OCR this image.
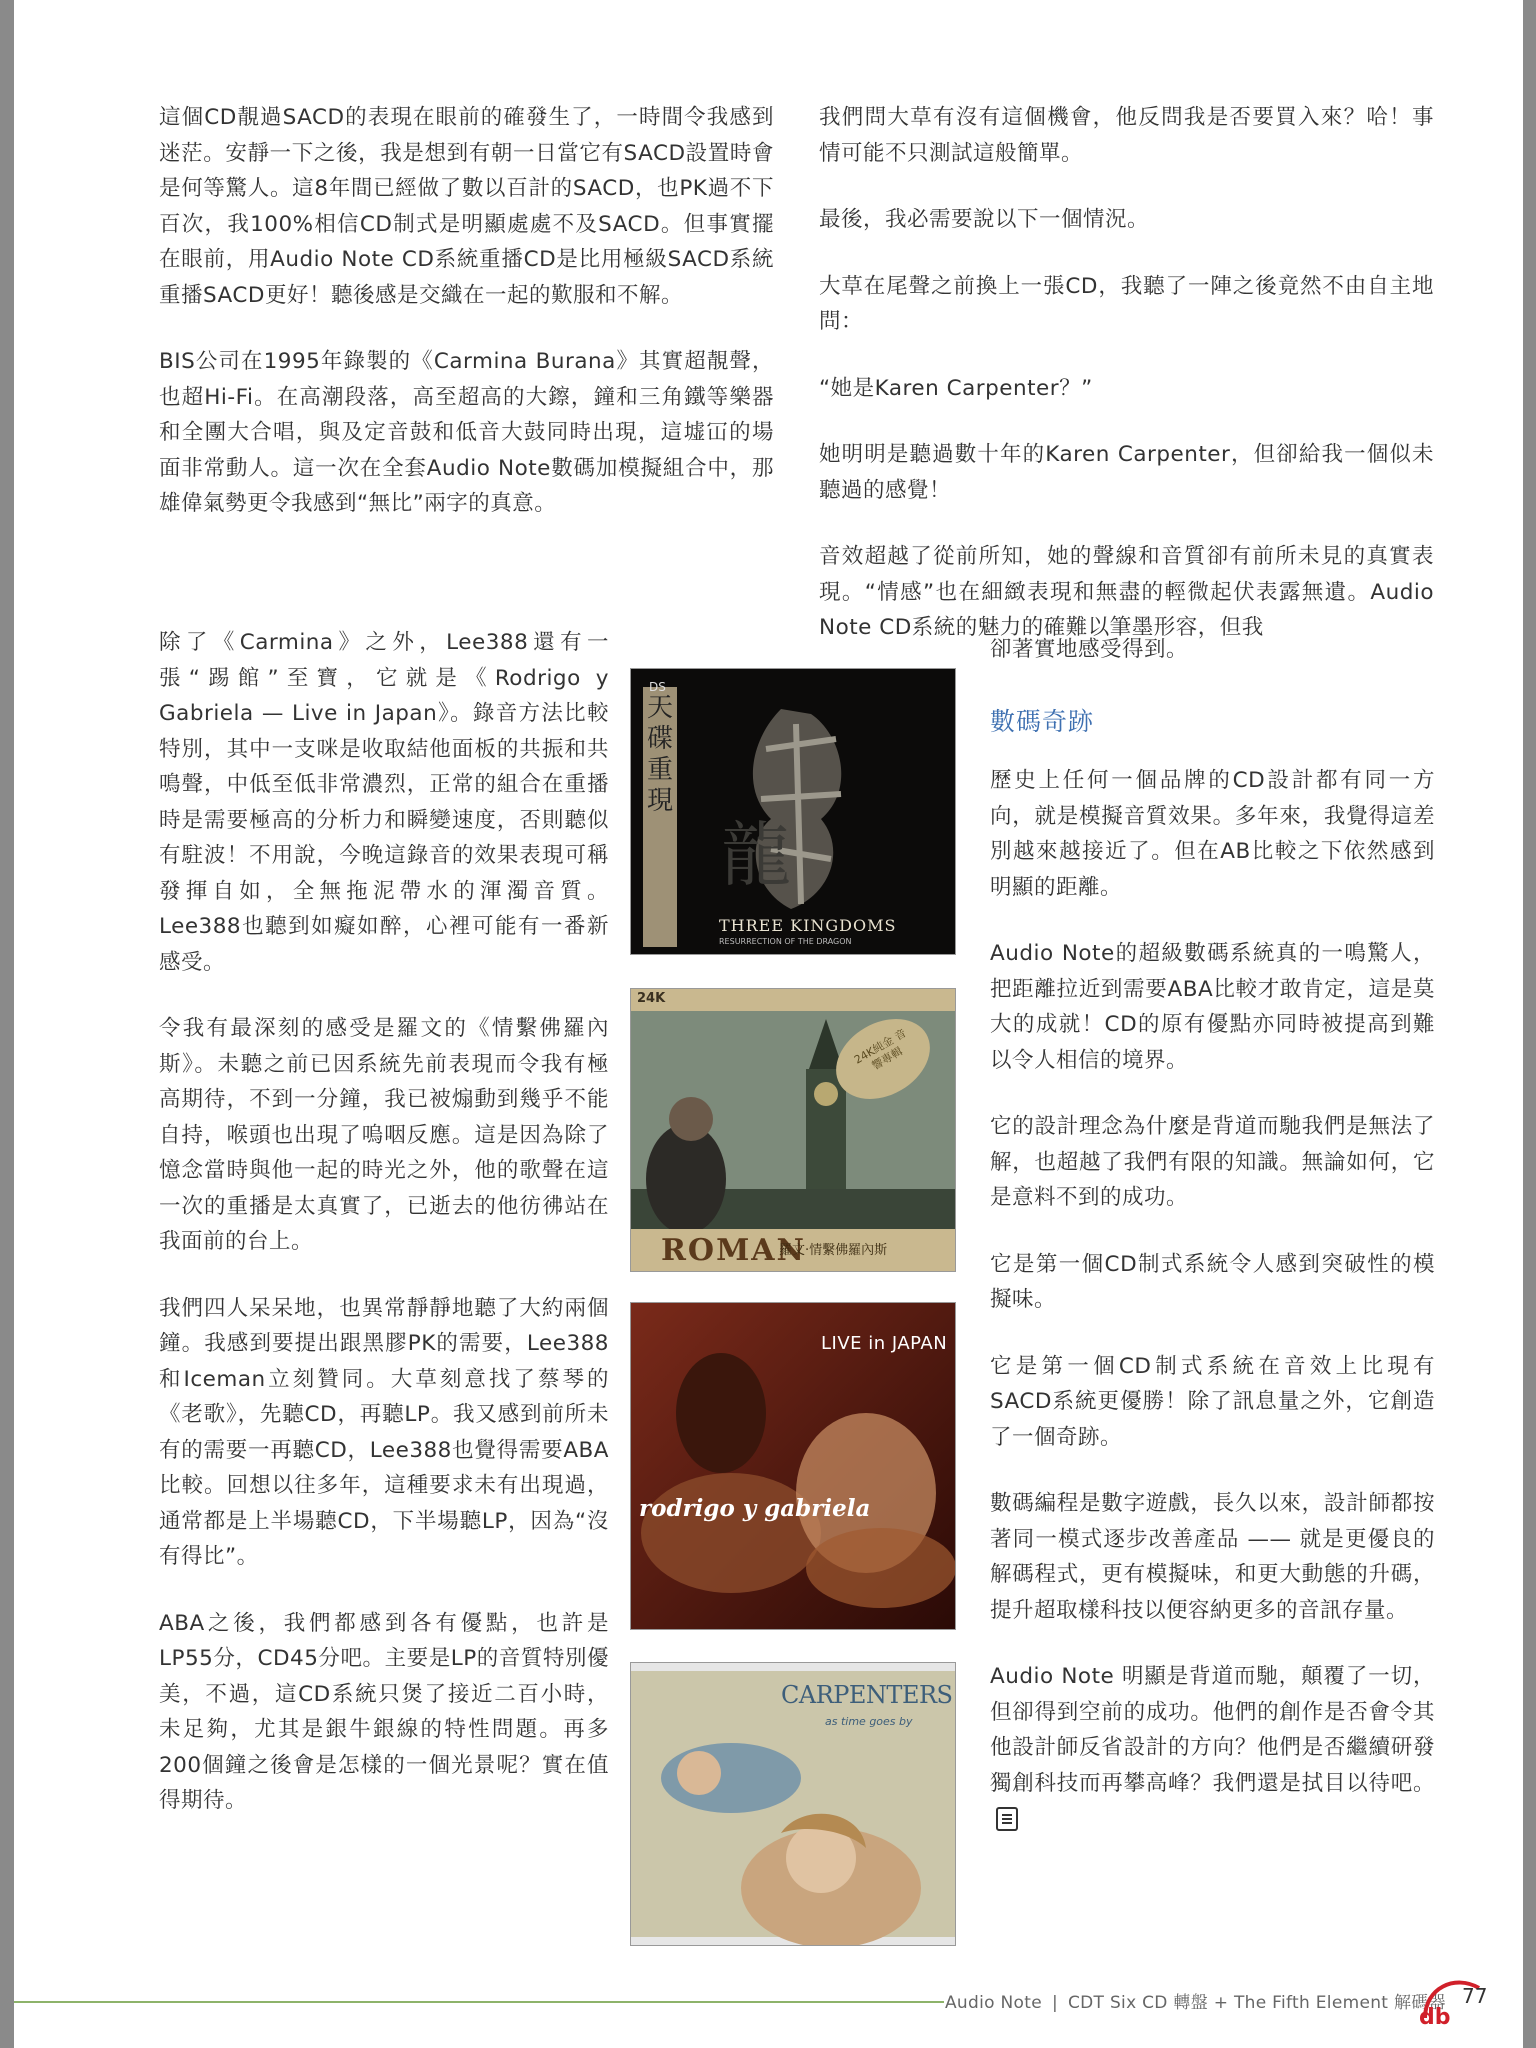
這個CD靚過SACD的表現在眼前的確發生了，一時間令我感到迷茫。安靜一下之後，我是想到有朝一日當它有SACD設置時會是何等驚人。這8年間已經做了數以百計的SACD，也PK過不下百次，我100%相信CD制式是明顯處處不及SACD。但事實擺在眼前，用Audio Note CD系統重播CD是比用極級SACD系統重播SACD更好！聽後感是交織在一起的歎服和不解。

BIS公司在1995年錄製的《Carmina Burana》其實超靚聲，也超Hi-Fi。在高潮段落，高至超高的大鑔，鐘和三角鐵等樂器和全團大合唱，與及定音鼓和低音大鼓同時出現，這墟冚的場面非常動人。這一次在全套Audio Note數碼加模擬組合中，那雄偉氣勢更令我感到“無比”兩字的真意。

除了《Carmina》之外，Lee388還有一張“踢館”至寶，它就是《Rodrigo y Gabriela — Live in Japan》。錄音方法比較特別，其中一支咪是收取結他面板的共振和共鳴聲，中低至低非常濃烈，正常的組合在重播時是需要極高的分析力和瞬變速度，否則聽似有駐波！不用說，今晚這錄音的效果表現可稱發揮自如，全無拖泥帶水的渾濁音質。Lee388也聽到如癡如醉，心裡可能有一番新感受。

令我有最深刻的感受是羅文的《情繫佛羅內斯》。未聽之前已因系統先前表現而令我有極高期待，不到一分鐘，我已被煽動到幾乎不能自持，喉頭也出現了嗚咽反應。這是因為除了憶念當時與他一起的時光之外，他的歌聲在這一次的重播是太真實了，已逝去的他彷彿站在我面前的台上。

我們四人呆呆地，也異常靜靜地聽了大約兩個鐘。我感到要提出跟黑膠PK的需要，Lee388和Iceman立刻贊同。大草刻意找了蔡琴的《老歌》，先聽CD，再聽LP。我又感到前所未有的需要一再聽CD，Lee388也覺得需要ABA比較。回想以往多年，這種要求未有出現過，通常都是上半場聽CD，下半場聽LP，因為“沒有得比”。

ABA之後，我們都感到各有優點，也許是LP55分，CD45分吧。主要是LP的音質特別優美，不過，這CD系統只煲了接近二百小時，未足夠，尤其是銀牛銀線的特性問題。再多200個鐘之後會是怎樣的一個光景呢？實在值得期待。

我們問大草有沒有這個機會，他反問我是否要買入來？哈！事情可能不只測試這般簡單。

最後，我必需要說以下一個情況。

大草在尾聲之前換上一張CD，我聽了一陣之後竟然不由自主地問：

“她是Karen Carpenter？”

她明明是聽過數十年的Karen Carpenter，但卻給我一個似未聽過的感覺！

音效超越了從前所知，她的聲線和音質卻有前所未見的真實表現。“情感”也在細緻表現和無盡的輕微起伏表露無遺。Audio Note CD系統的魅力的確難以筆墨形容，但我

卻著實地感受得到。

數碼奇跡

歷史上任何一個品牌的CD設計都有同一方向，就是模擬音質效果。多年來，我覺得這差別越來越接近了。但在AB比較之下依然感到明顯的距離。

Audio Note的超級數碼系統真的一鳴驚人，把距離拉近到需要ABA比較才敢肯定，這是莫大的成就！CD的原有優點亦同時被提高到難以令人相信的境界。

它的設計理念為什麼是背道而馳我們是無法了解，也超越了我們有限的知識。無論如何，它是意料不到的成功。

它是第一個CD制式系統令人感到突破性的模擬味。

它是第一個CD制式系統在音效上比現有SACD系統更優勝！除了訊息量之外，它創造了一個奇跡。

數碼編程是數字遊戲，長久以來，設計師都按著同一模式逐步改善產品 —— 就是更優良的解碼程式，更有模擬味，和更大動態的升碼，提升超取樣科技以便容納更多的音訊存量。

Audio Note 明顯是背道而馳，顛覆了一切，但卻得到空前的成功。他們的創作是否會令其他設計師反省設計的方向？他們是否繼續研發獨創科技而再攀高峰？我們還是拭目以待吧。

DS
龍
THREE KINGDOMS
RESURRECTION OF THE DRAGON
天碟重現
24K
24K純金 音響專輯
ROMAN
羅文‧情繫佛羅內斯
LIVE in JAPAN
rodrigo y gabriela
CARPENTERS
as time goes by
Audio Note | CDT Six CD 轉盤 + The Fifth Element 解碼器
db
77
